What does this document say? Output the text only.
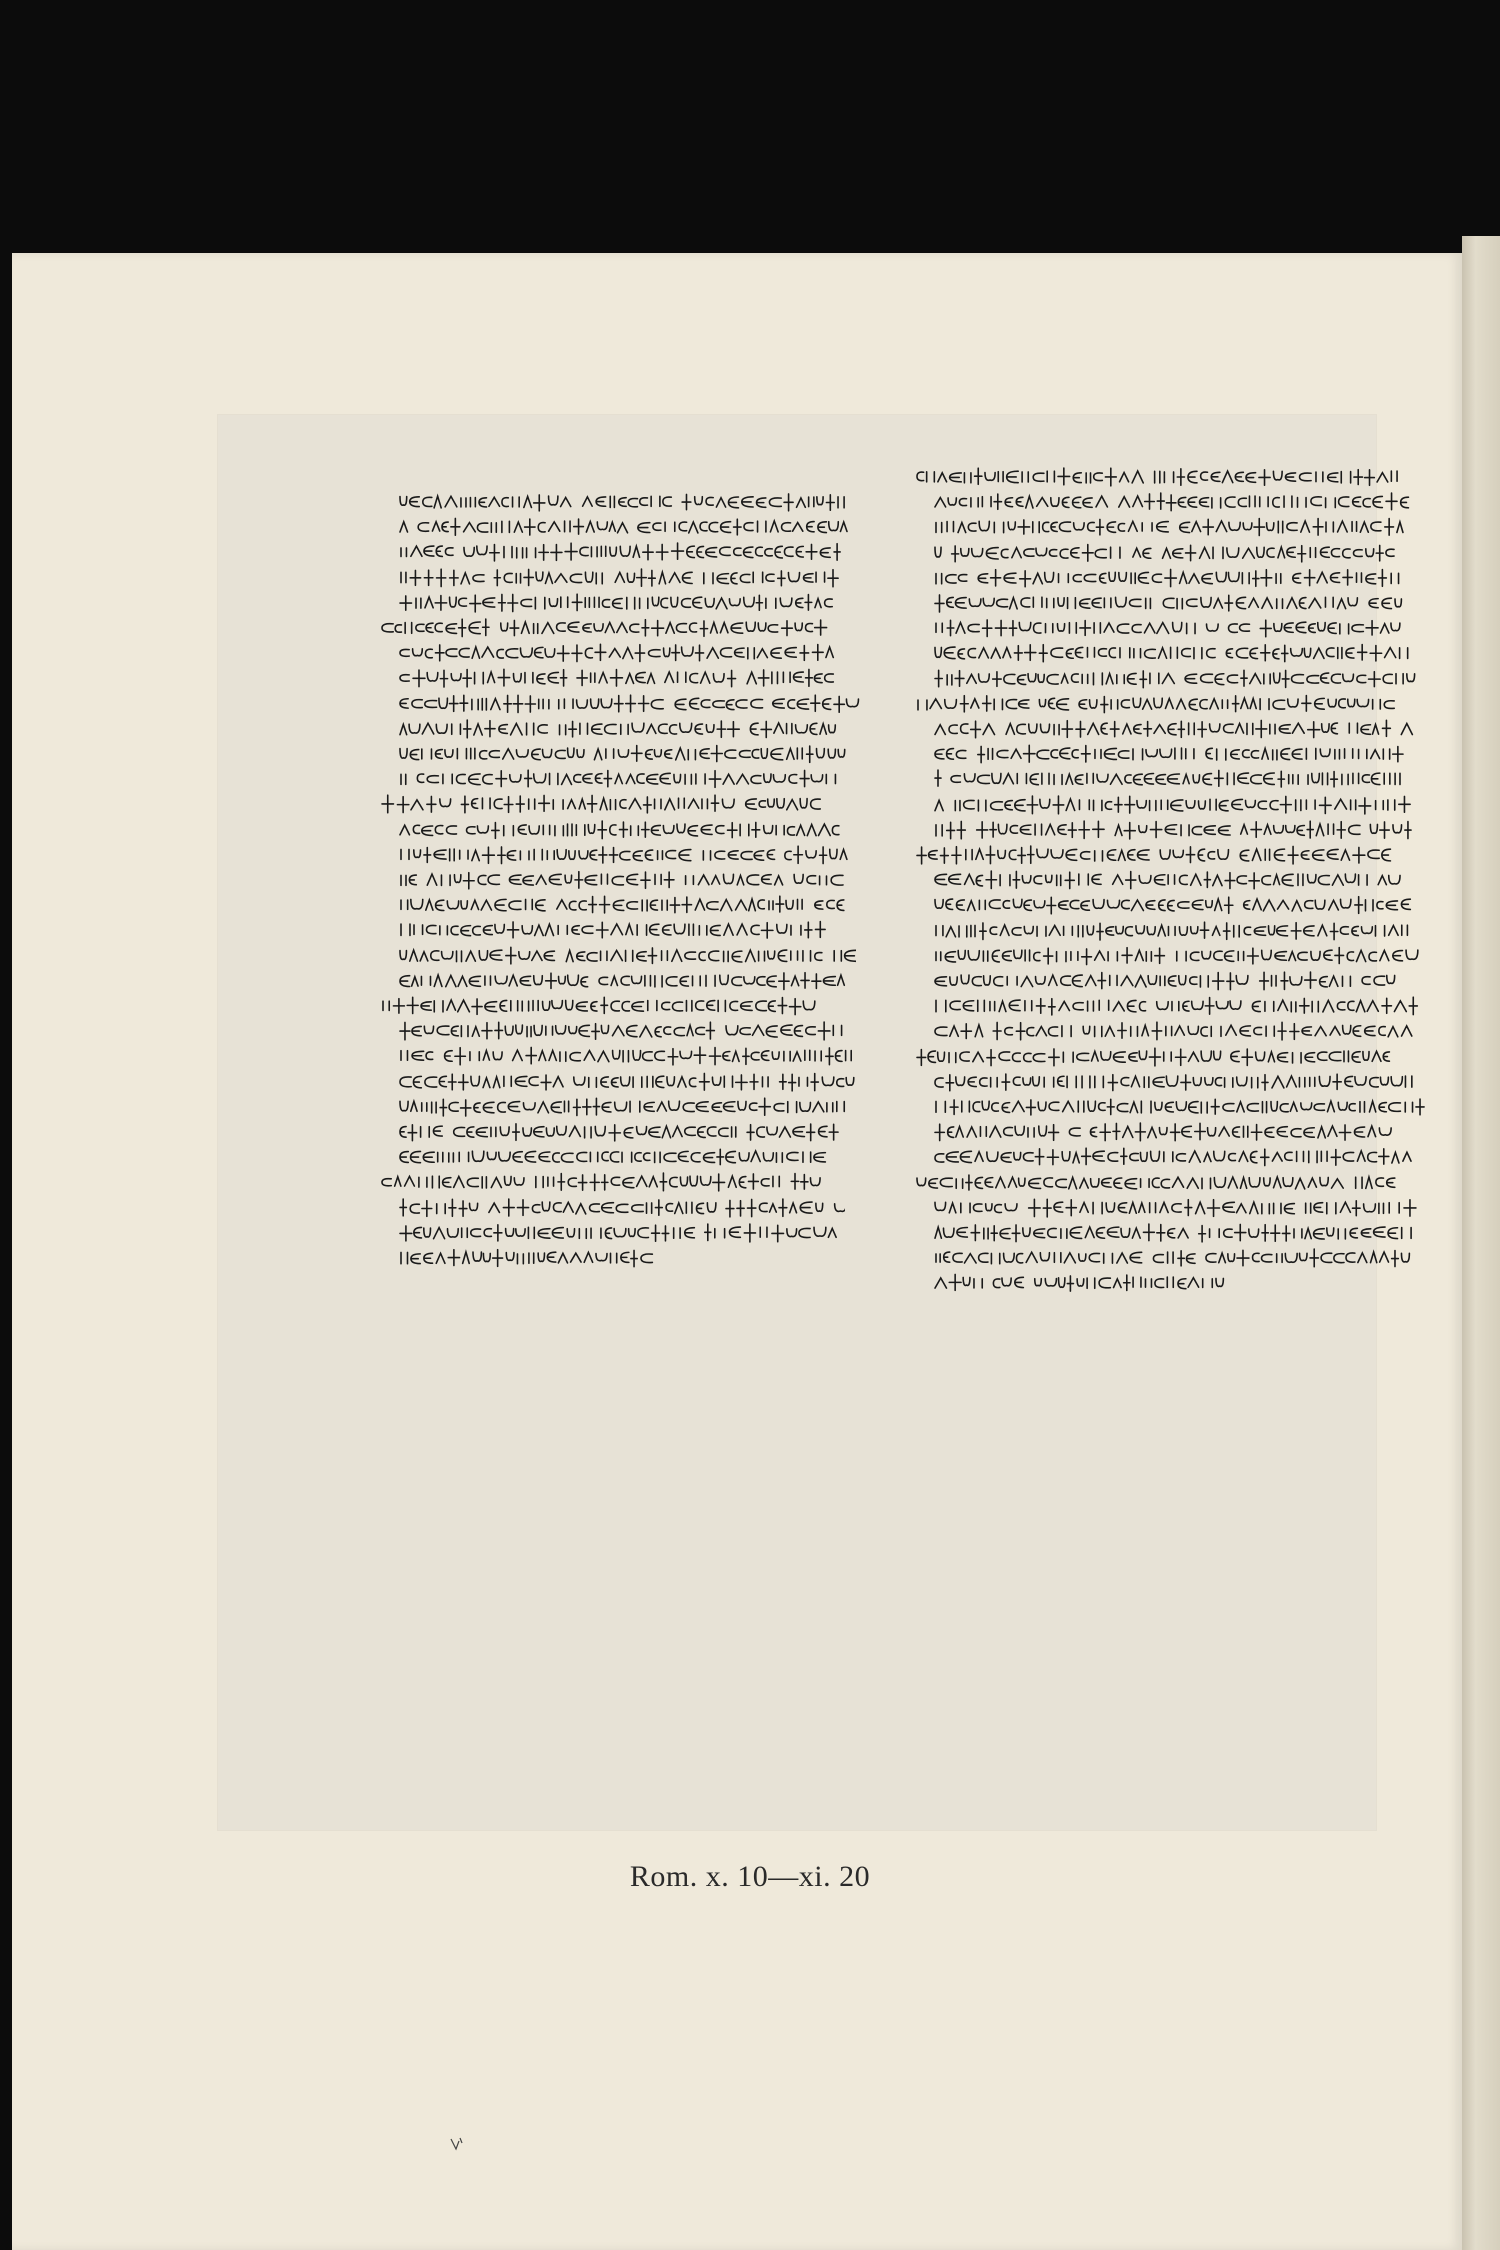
Rom. x. 10—xi. 20
